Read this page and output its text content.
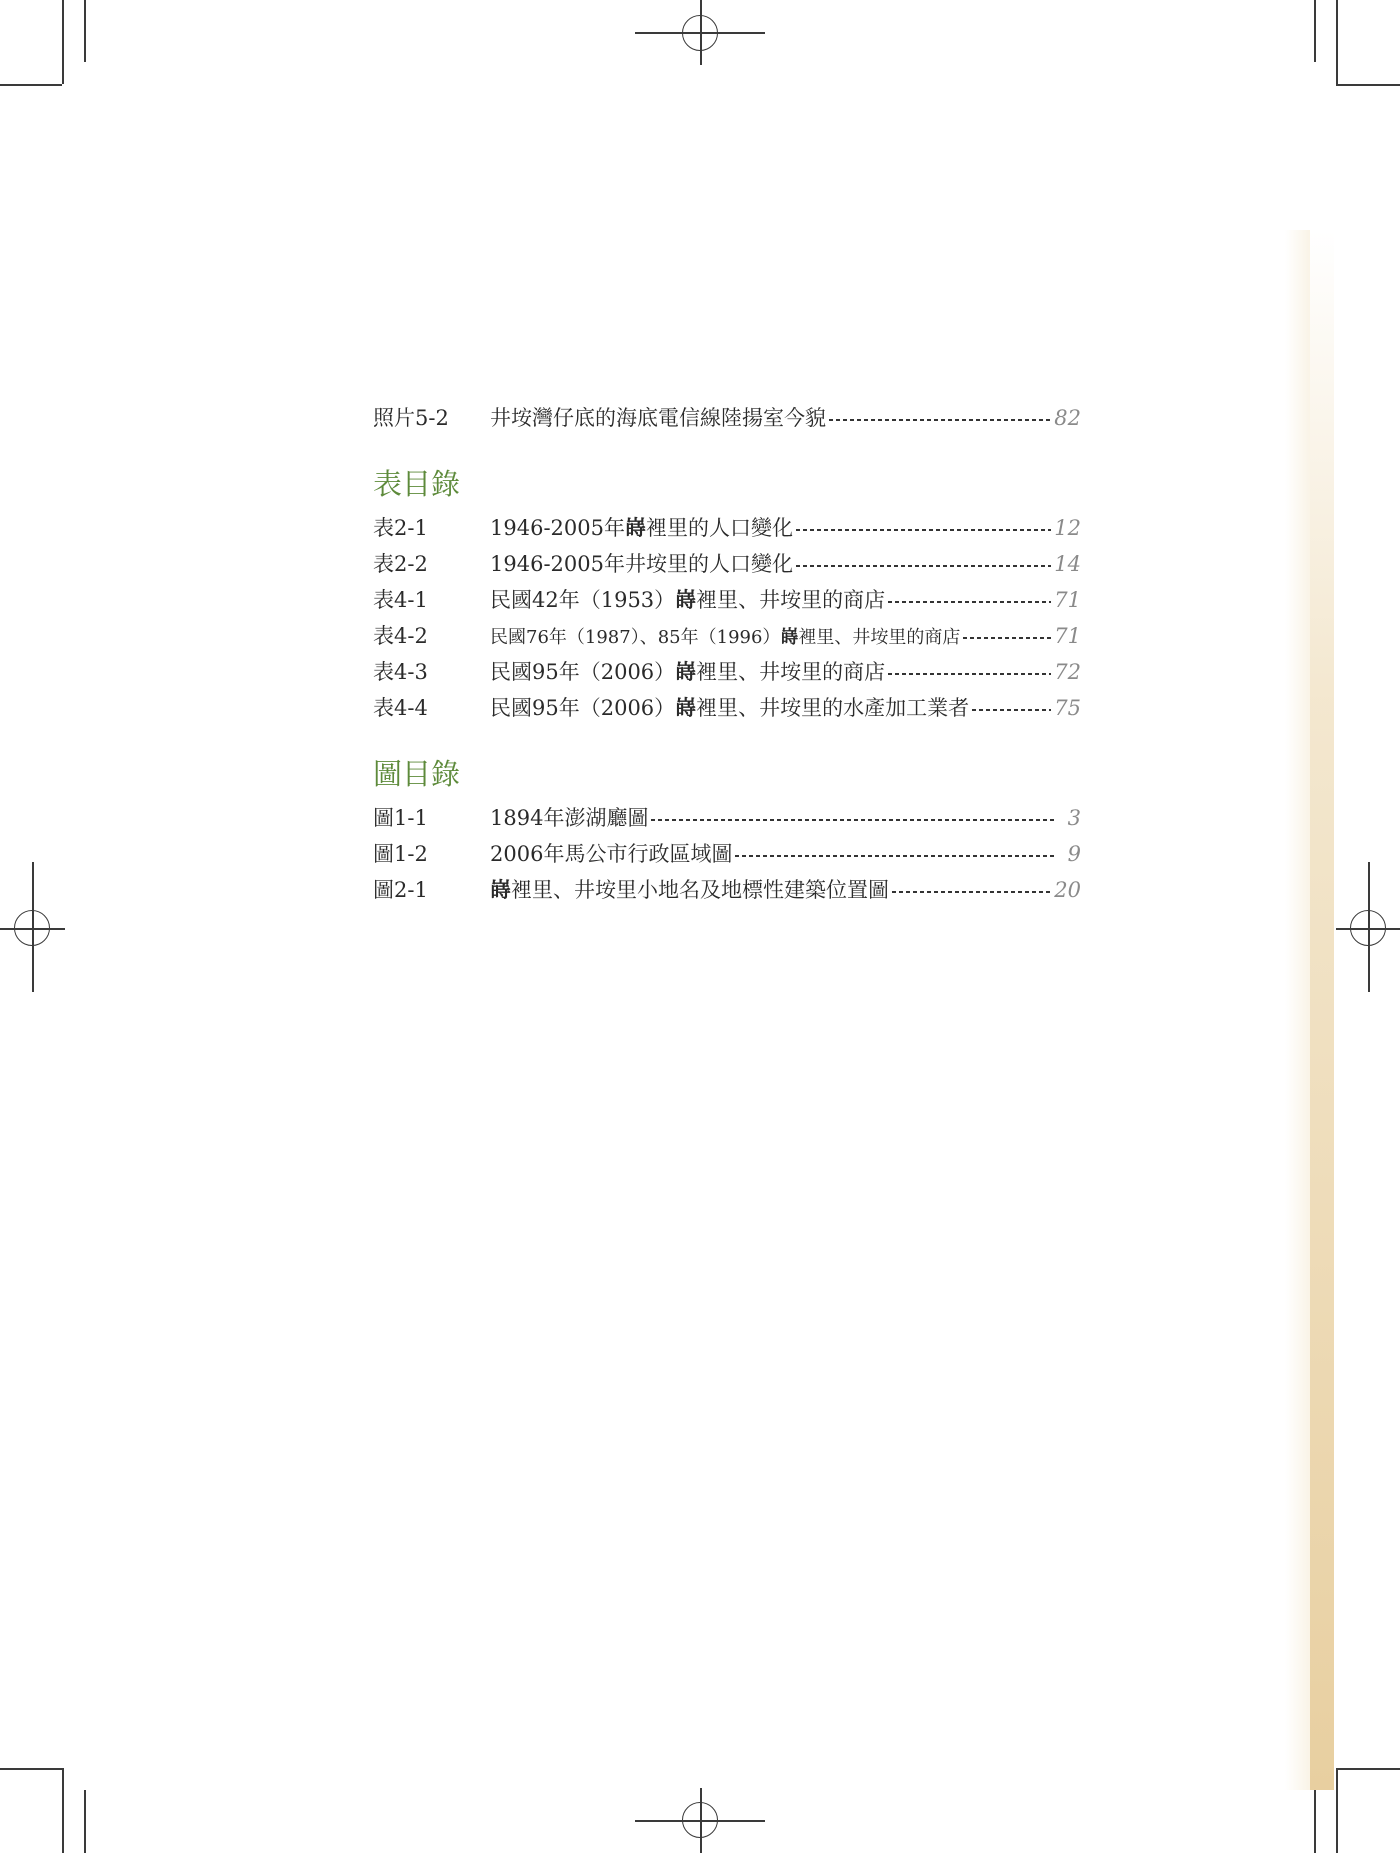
照片5-2	井垵灣仔底的海底電信線陸揚室今貌	82
表目錄
表2-1	1946-2005年嵵裡里的人口變化	12
表2-2	1946-2005年井垵里的人口變化	14
表4-1	民國42年（1953）嵵裡里、井垵里的商店	71
表4-2	民國76年（1987）、85年（1996）嵵裡里、井垵里的商店	71
表4-3	民國95年（2006）嵵裡里、井垵里的商店	72
表4-4	民國95年（2006）嵵裡里、井垵里的水產加工業者	75
圖目錄
圖1-1	1894年澎湖廳圖	3
圖1-2	2006年馬公市行政區域圖	9
圖2-1	嵵裡里、井垵里小地名及地標性建築位置圖	20
